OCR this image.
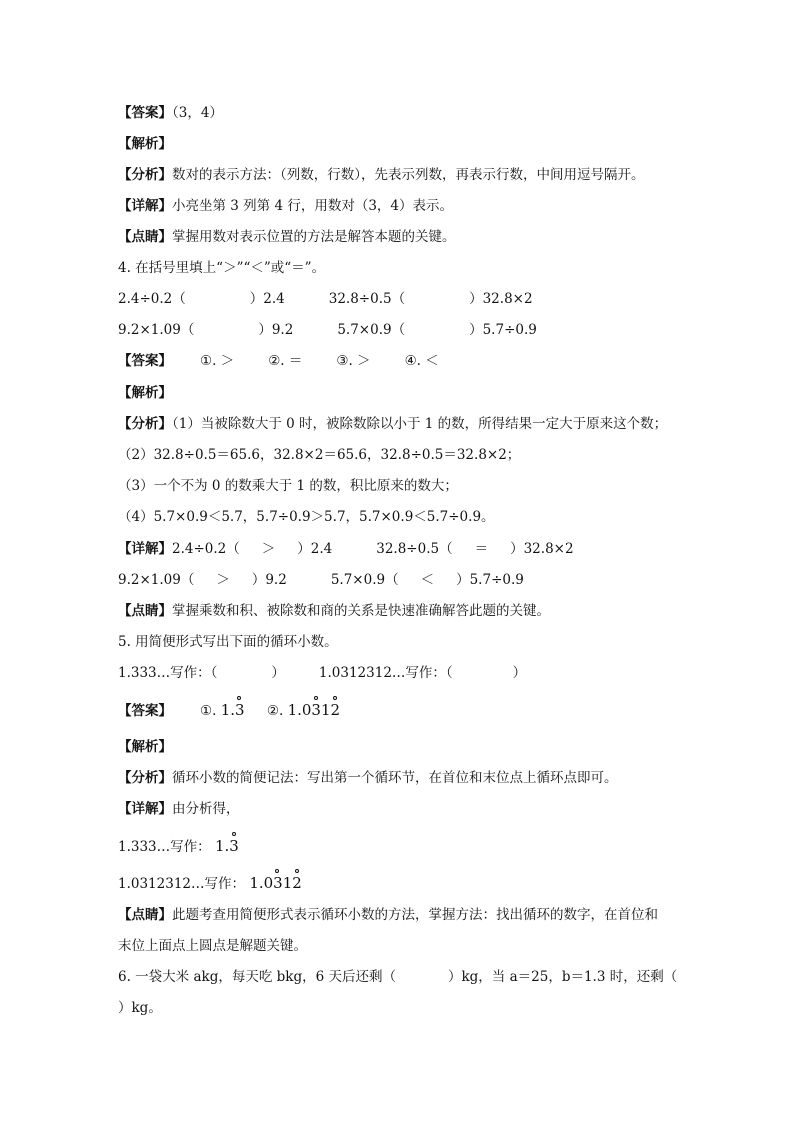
【答案】（3，4）
【解析】
【分析】数对的表示方法：（列数，行数），先表示列数，再表示行数，中间用逗号隔开。
【详解】小亮坐第 3 列第 4 行，用数对（3，4）表示。
【点睛】掌握用数对表示位置的方法是解答本题的关键。
4. 在括号里填上“＞”“＜”或“＝”。
2.4÷0.2（	）2.4	32.8÷0.5（	）32.8×2
9.2×1.09（	）9.2	5.7×0.9（	）5.7÷0.9
【答案】 ①. ＞	②. ＝	③. ＞	④. ＜
【解析】
【分析】（1）当被除数大于 0 时，被除数除以小于 1 的数，所得结果一定大于原来这个数；
（2）32.8÷0.5＝65.6，32.8×2＝65.6，32.8÷0.5＝32.8×2；
（3）一个不为 0 的数乘大于 1 的数，积比原来的数大；
（4）5.7×0.9＜5.7，5.7÷0.9＞5.7，5.7×0.9＜5.7÷0.9。
【详解】2.4÷0.2（ ＞ ）2.4	32.8÷0.5（ ＝ ）32.8×2
9.2×1.09（ ＞ ）9.2	5.7×0.9（ ＜ ）5.7÷0.9
【点睛】掌握乘数和积、被除数和商的关系是快速准确解答此题的关键。
5. 用简便形式写出下面的循环小数。
1.333…写作：（	）	1.0312312…写作：（	）
【答案】 ①. 1.
3 ②. 1.0
31
2
【解析】
【分析】循环小数的简便记法：写出第一个循环节，在首位和末位点上循环点即可。
【详解】由分析得，
1.333…写作： 1.
3
1.0312312…写作： 1.0
31
2
【点睛】此题考查用简便形式表示循环小数的方法，掌握方法：找出循环的数字，在首位和
末位上面点上圆点是解题关键。
6. 一袋大米 akg，每天吃 bkg，6 天后还剩（	）kg，当 a＝25，b＝1.3 时，还剩（
）kg。
